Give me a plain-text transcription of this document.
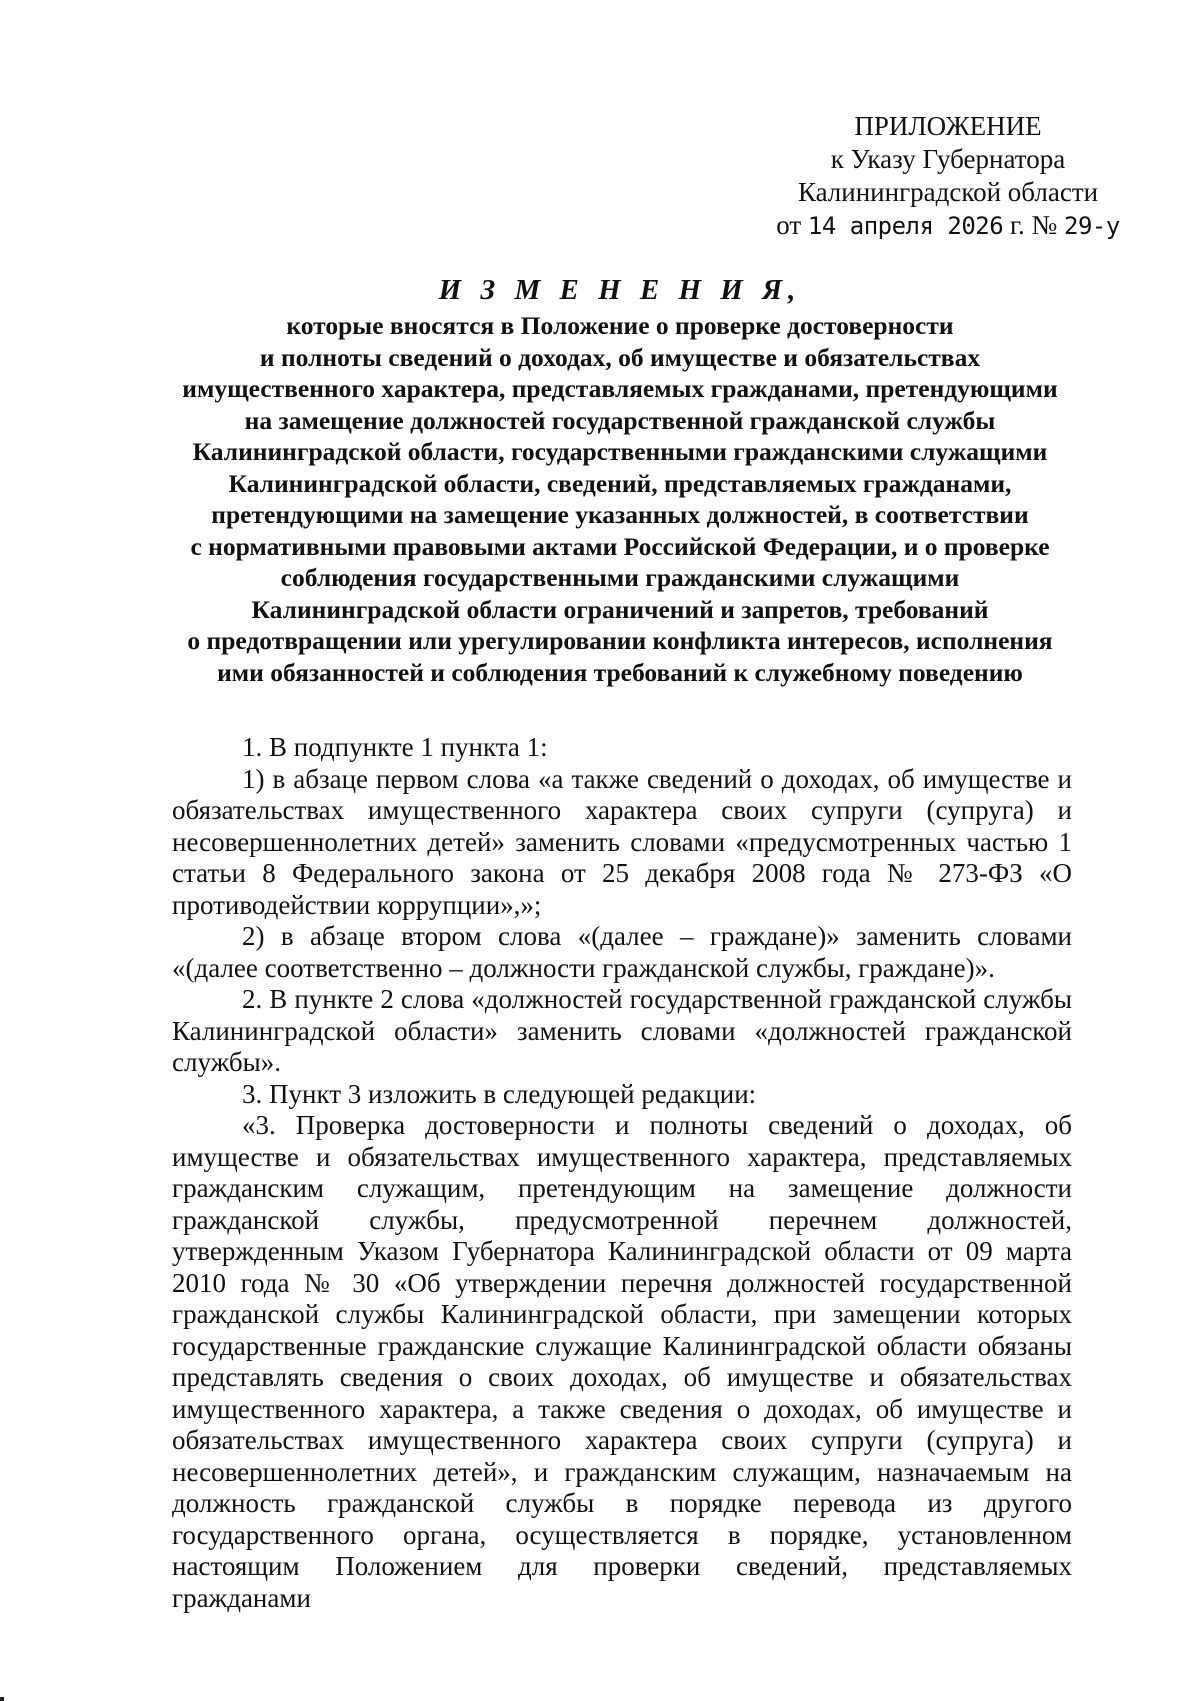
ПРИЛОЖЕНИЕ
к Указу Губернатора
Калининградской области
от 14 апреля 2026 г. № 29-у
И З М Е Н Е Н И Я,
которые вносятся в Положение о проверке достоверности
и полноты сведений о доходах, об имуществе и обязательствах
имущественного характера, представляемых гражданами, претендующими
на замещение должностей государственной гражданской службы
Калининградской области, государственными гражданскими служащими
Калининградской области, сведений, представляемых гражданами,
претендующими на замещение указанных должностей, в соответствии
с нормативными правовыми актами Российской Федерации, и о проверке
соблюдения государственными гражданскими служащими
Калининградской области ограничений и запретов, требований
о предотвращении или урегулировании конфликта интересов, исполнения
ими обязанностей и соблюдения требований к служебному поведению

1. В подпункте 1 пункта 1:

1) в абзаце первом слова «а также сведений о доходах, об имуществе и обязательствах имущественного характера своих супруги (супруга) и несовершеннолетних детей» заменить словами «предусмотренных частью 1 статьи 8 Федерального закона от 25 декабря 2008 года № 273-ФЗ «О противодействии коррупции»,»;

2) в абзаце втором слова «(далее – граждане)» заменить словами «(далее соответственно – должности гражданской службы, граждане)».

2. В пункте 2 слова «должностей государственной гражданской службы Калининградской области» заменить словами «должностей гражданской службы».

3. Пункт 3 изложить в следующей редакции:

«3. Проверка достоверности и полноты сведений о доходах, об имуществе и обязательствах имущественного характера, представляемых гражданским служащим, претендующим на замещение должности гражданской службы, предусмотренной перечнем должностей, утвержденным Указом Губернатора Калининградской области от 09 марта 2010 года № 30 «Об утверждении перечня должностей государственной гражданской службы Калининградской области, при замещении которых государственные гражданские служащие Калининградской области обязаны представлять сведения о своих доходах, об имуществе и обязательствах имущественного характера, а также сведения о доходах, об имуществе и обязательствах имущественного характера своих супруги (супруга) и несовершеннолетних детей», и гражданским служащим, назначаемым на должность гражданской службы в порядке перевода из другого государственного органа, осуществляется в порядке, установленном настоящим Положением для проверки сведений, представляемых гражданами
